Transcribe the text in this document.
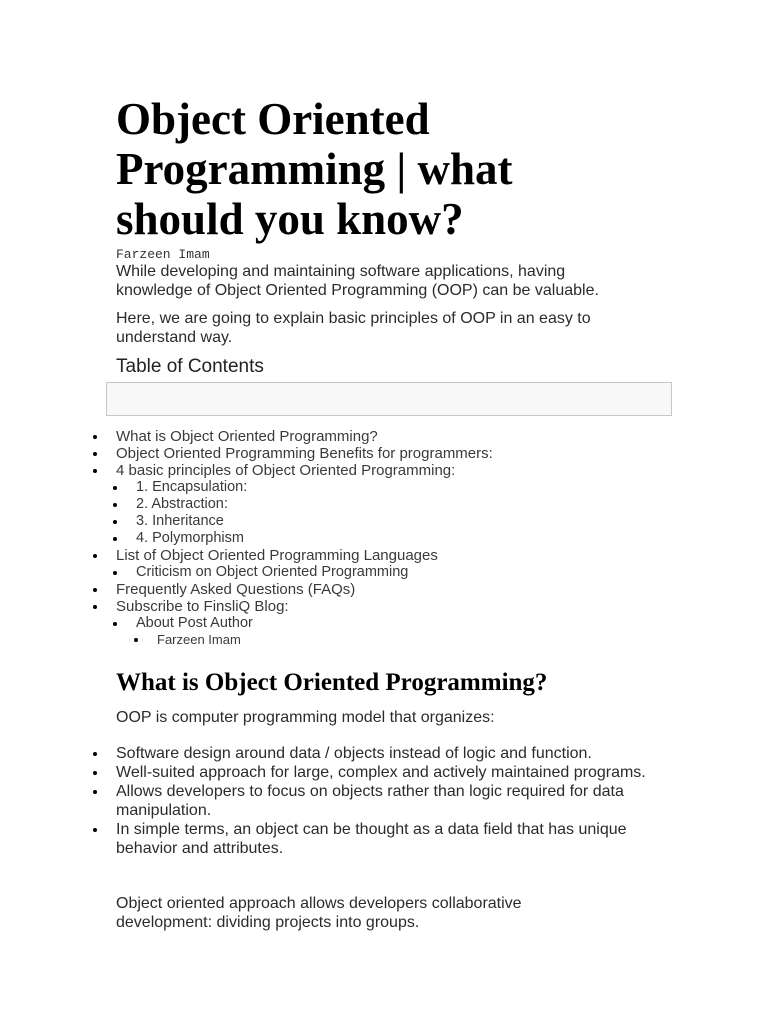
Object Oriented Programming | what should you know?
Farzeen Imam

While developing and maintaining software applications, having knowledge of Object Oriented Programming (OOP) can be valuable.

Here, we are going to explain basic principles of OOP in an easy to understand way.

Table of Contents
What is Object Oriented Programming?
Object Oriented Programming Benefits for programmers:
4 basic principles of Object Oriented Programming:
1. Encapsulation:
2. Abstraction:
3. Inheritance
4. Polymorphism
List of Object Oriented Programming Languages
Criticism on Object Oriented Programming
Frequently Asked Questions (FAQs)
Subscribe to FinsliQ Blog:
About Post Author
Farzeen Imam
What is Object Oriented Programming?
OOP is computer programming model that organizes:
Software design around data / objects instead of logic and function.
Well-suited approach for large, complex and actively maintained programs.
Allows developers to focus on objects rather than logic required for data manipulation.
In simple terms, an object can be thought as a data field that has unique behavior and attributes.
Object oriented approach allows developers collaborative development: dividing projects into groups.
